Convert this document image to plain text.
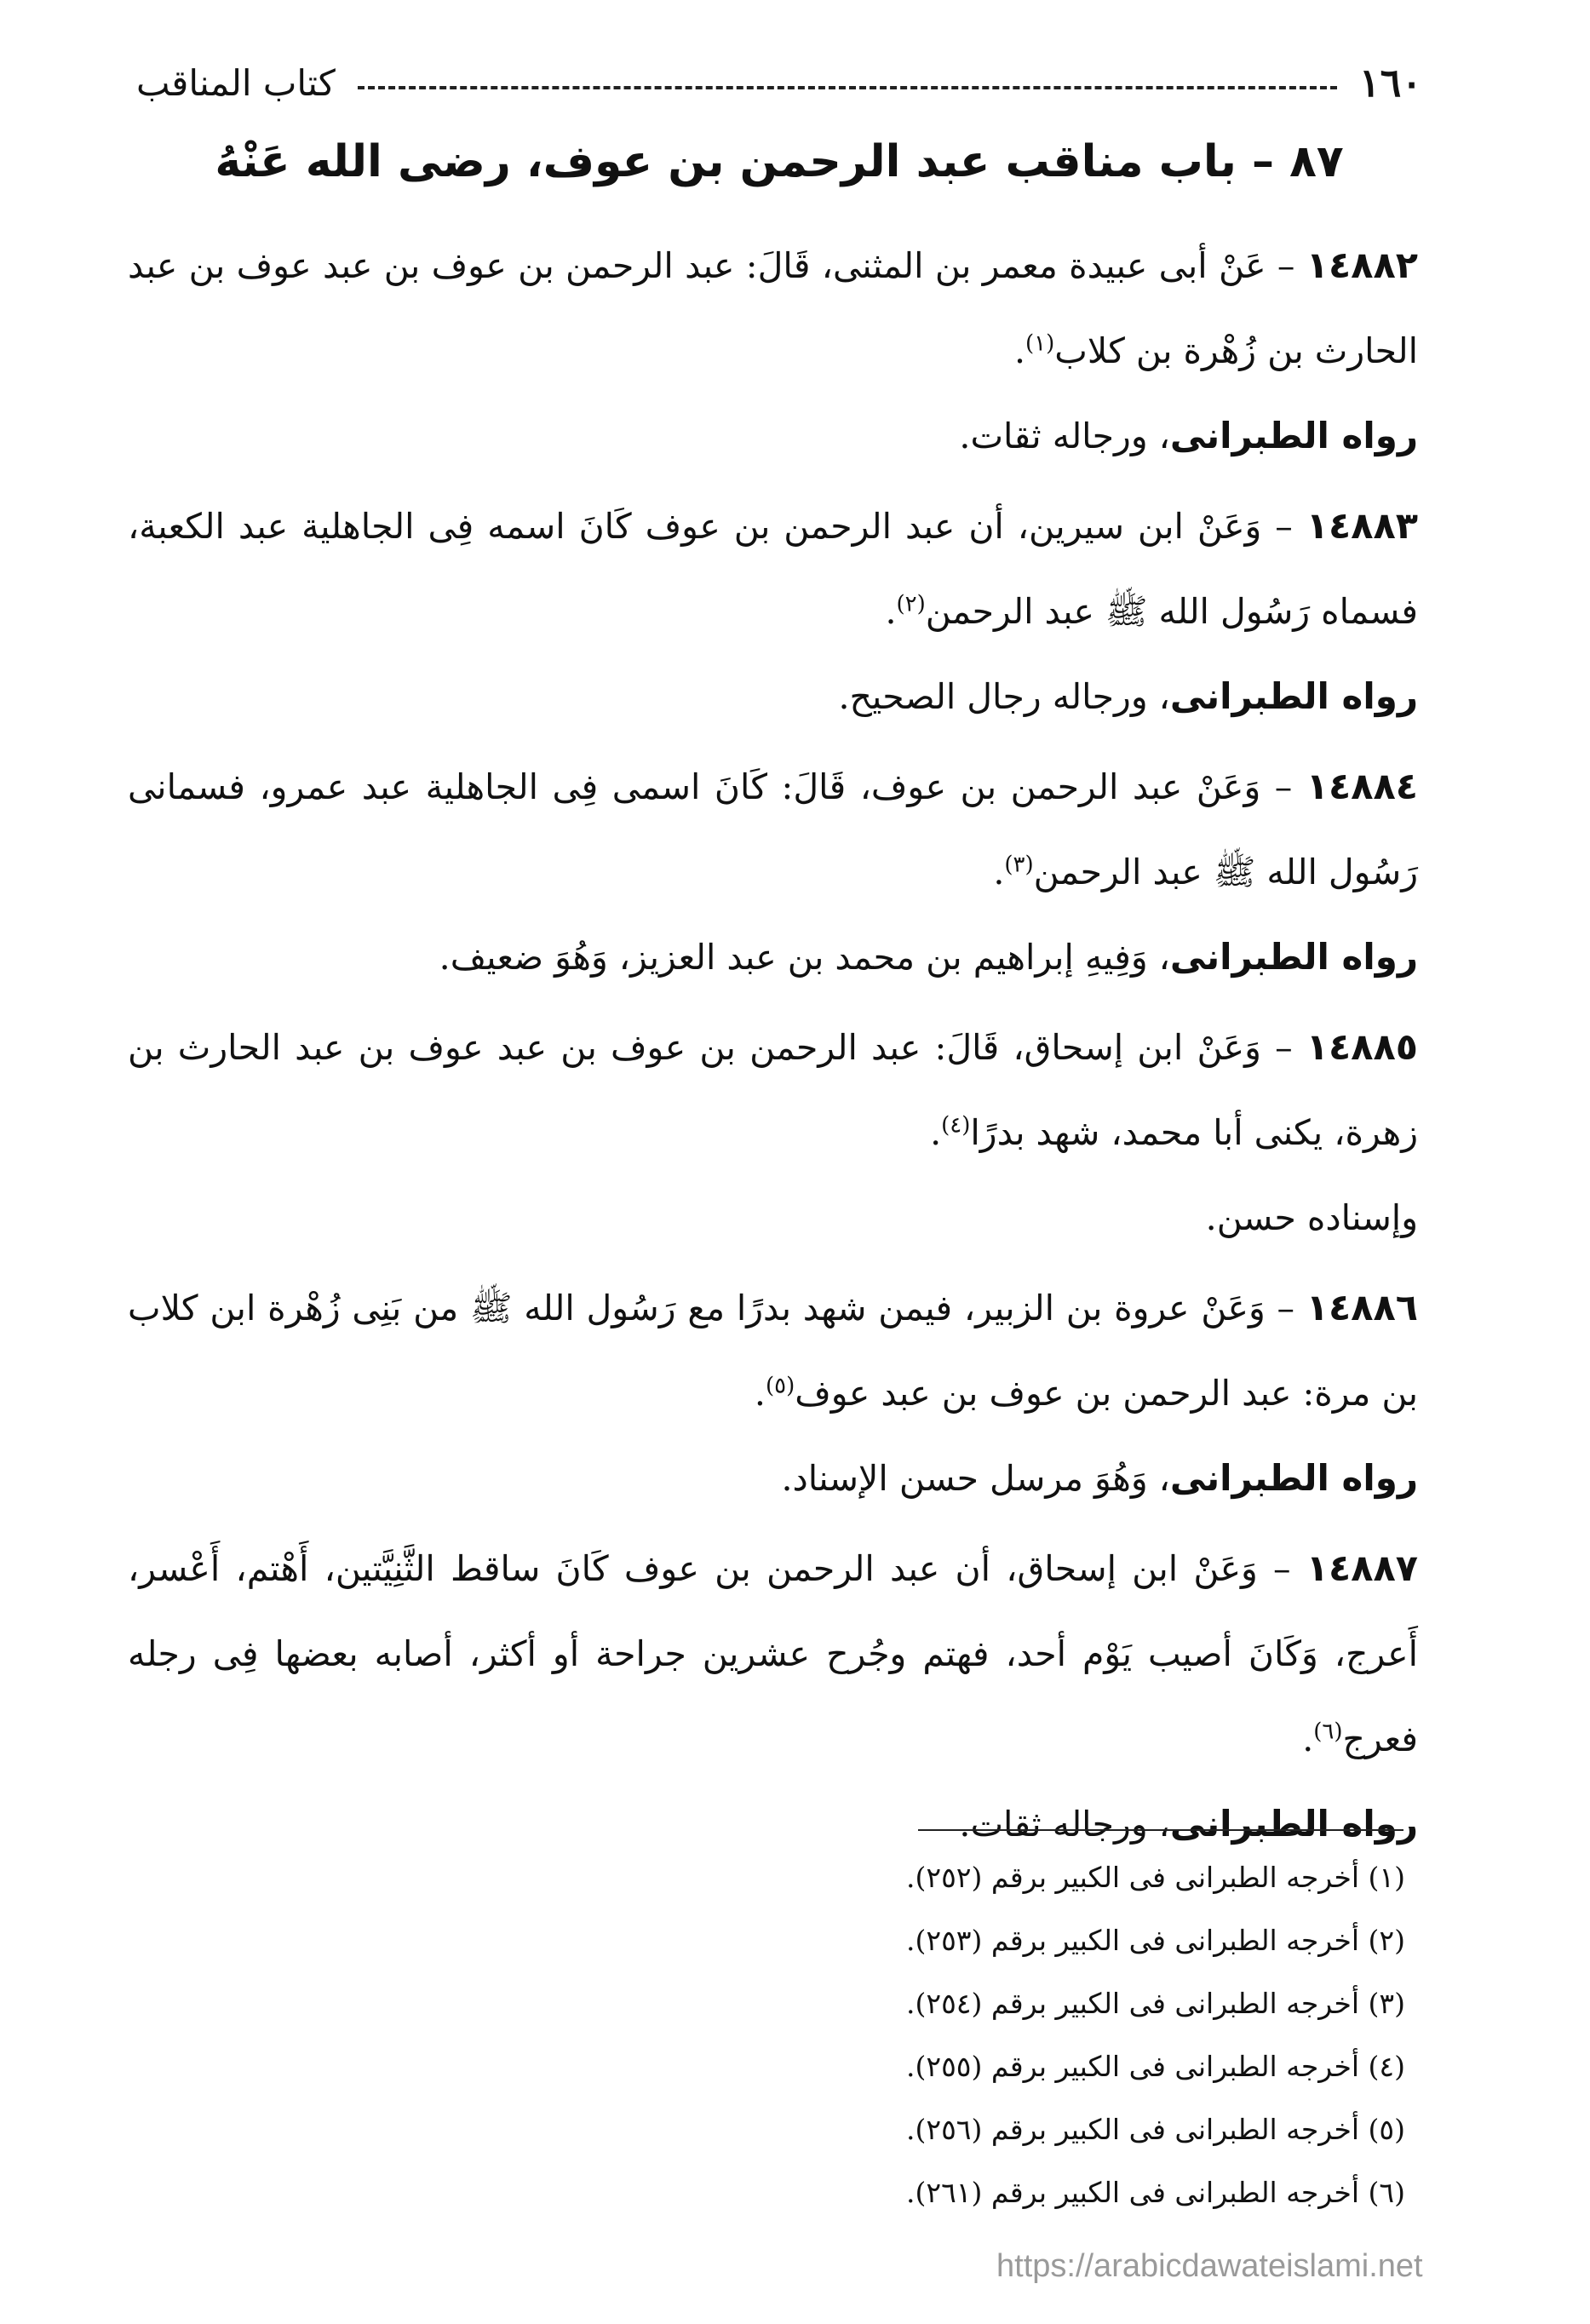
١٦٠
كتاب المناقب
٨٧ – باب مناقب عبد الرحمن بن عوف، رضى الله عَنْهُ

١٤٨٨٢ – عَنْ أبى عبيدة معمر بن المثنى، قَالَ: عبد الرحمن بن عوف بن عبد عوف بن عبد الحارث بن زُهْرة بن كلاب$^{(١)}$.

رواه الطبرانى، ورجاله ثقات.

١٤٨٨٣ – وَعَنْ ابن سيرين، أن عبد الرحمن بن عوف كَانَ اسمه فِى الجاهلية عبد الكعبة، فسماه رَسُول الله ﷺ عبد الرحمن$^{(٢)}$.

رواه الطبرانى، ورجاله رجال الصحيح.

١٤٨٨٤ – وَعَنْ عبد الرحمن بن عوف، قَالَ: كَانَ اسمى فِى الجاهلية عبد عمرو، فسمانى رَسُول الله ﷺ عبد الرحمن$^{(٣)}$.

رواه الطبرانى، وَفِيهِ إبراهيم بن محمد بن عبد العزيز، وَهُوَ ضعيف.

١٤٨٨٥ – وَعَنْ ابن إسحاق، قَالَ: عبد الرحمن بن عوف بن عبد عوف بن عبد الحارث بن زهرة، يكنى أبا محمد، شهد بدرًا$^{(٤)}$.

وإسناده حسن.

١٤٨٨٦ – وَعَنْ عروة بن الزبير، فيمن شهد بدرًا مع رَسُول الله ﷺ من بَنِى زُهْرة ابن كلاب بن مرة: عبد الرحمن بن عوف بن عبد عوف$^{(٥)}$.

رواه الطبرانى، وَهُوَ مرسل حسن الإسناد.

١٤٨٨٧ – وَعَنْ ابن إسحاق، أن عبد الرحمن بن عوف كَانَ ساقط الثَّنِيَّتين، أَهْتم، أَعْسر، أَعرج، وَكَانَ أصيب يَوْم أحد، فهتم وجُرح عشرين جراحة أو أكثر، أصابه بعضها فِى رجله فعرج$^{(٦)}$.

رواه الطبرانى، ورجاله ثقات.

(١) أخرجه الطبرانى فى الكبير برقم (٢٥٢).
(٢) أخرجه الطبرانى فى الكبير برقم (٢٥٣).
(٣) أخرجه الطبرانى فى الكبير برقم (٢٥٤).
(٤) أخرجه الطبرانى فى الكبير برقم (٢٥٥).
(٥) أخرجه الطبرانى فى الكبير برقم (٢٥٦).
(٦) أخرجه الطبرانى فى الكبير برقم (٢٦١).
https://arabicdawateislami.net
